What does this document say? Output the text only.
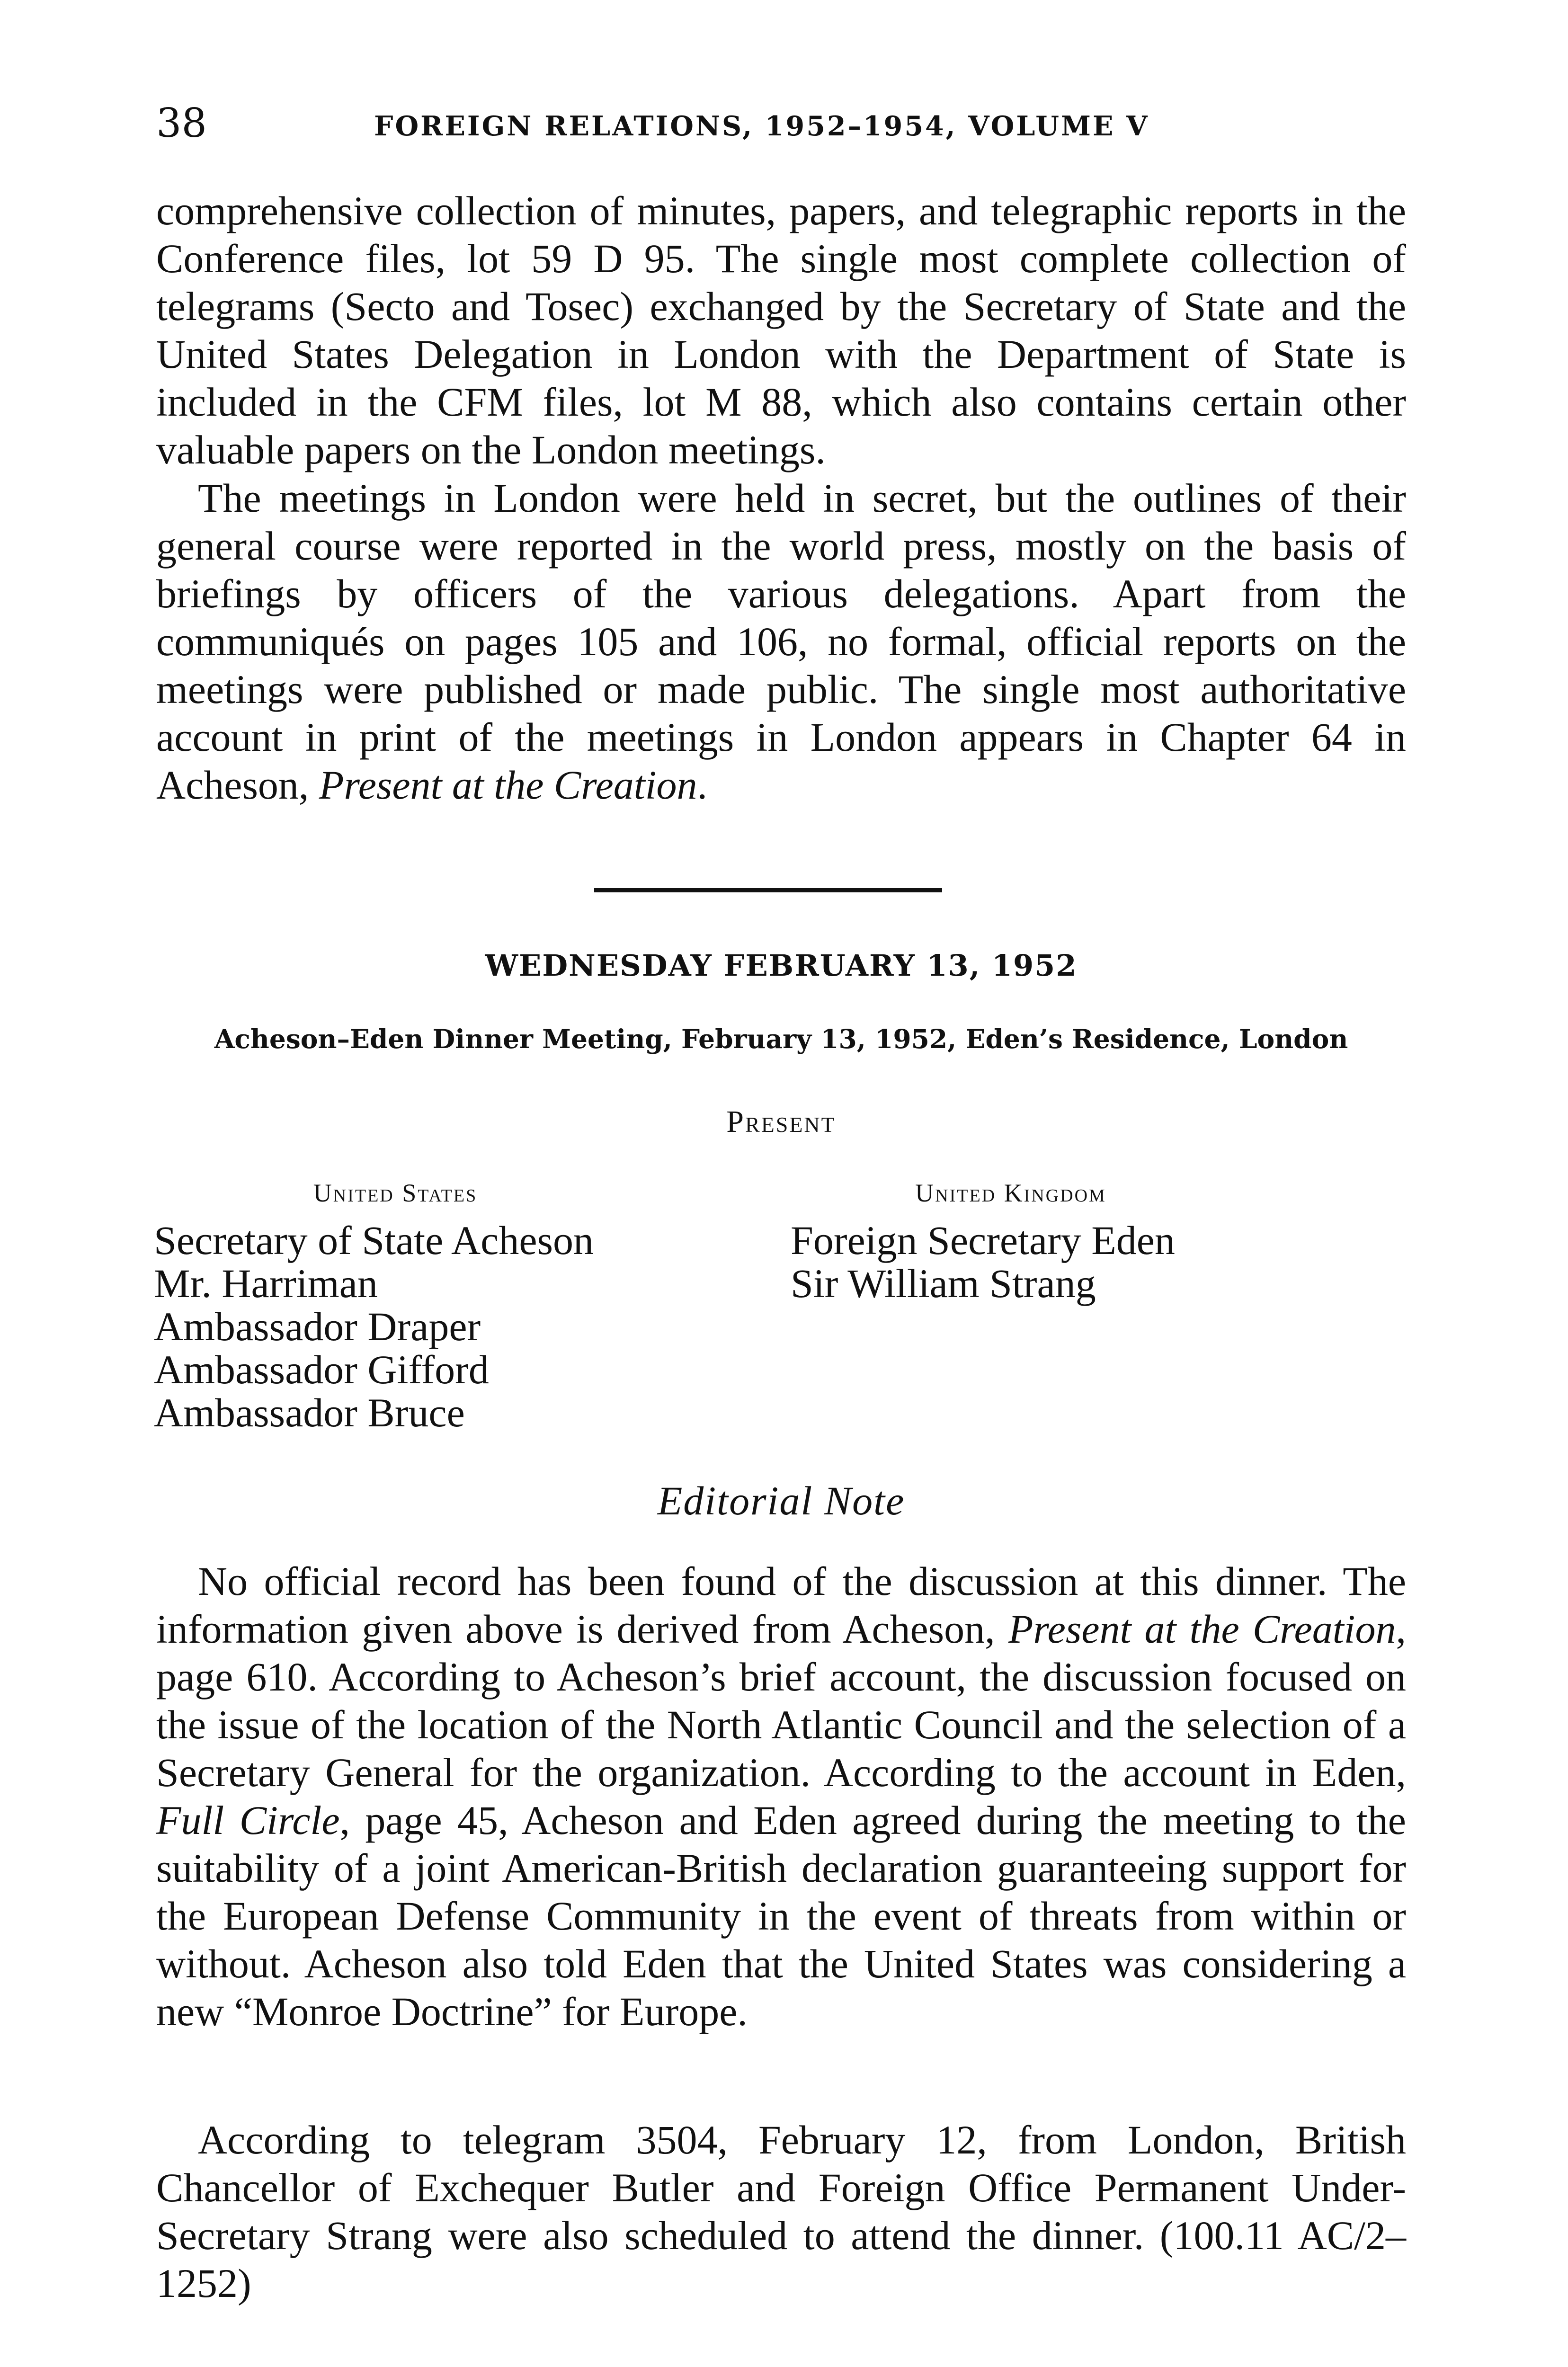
38	FOREIGN RELATIONS, 1952–1954, VOLUME V

comprehensive collection of minutes, papers, and telegraphic reports in the Conference files, lot 59 D 95. The single most complete collection of telegrams (Secto and Tosec) exchanged by the Secretary of State and the United States Delegation in London with the Department of State is included in the CFM files, lot M 88, which also contains certain other valuable papers on the London meetings.

The meetings in London were held in secret, but the outlines of their general course were reported in the world press, mostly on the basis of briefings by officers of the various delegations. Apart from the communiqués on pages 105 and 106, no formal, official reports on the meetings were published or made public. The single most authoritative account in print of the meetings in London appears in Chapter 64 in Acheson, Present at the Creation.

WEDNESDAY FEBRUARY 13, 1952
Acheson–Eden Dinner Meeting, February 13, 1952, Eden’s Residence, London
Present
United States
Secretary of State Acheson
Mr. Harriman
Ambassador Draper
Ambassador Gifford
Ambassador Bruce
United Kingdom
Foreign Secretary Eden
Sir William Strang
Editorial Note

No official record has been found of the discussion at this dinner. The information given above is derived from Acheson, Present at the Creation, page 610. According to Acheson’s brief account, the discussion focused on the issue of the location of the North Atlantic Council and the selection of a Secretary General for the organization. According to the account in Eden, Full Circle, page 45, Acheson and Eden agreed during the meeting to the suitability of a joint American-British declaration guaranteeing support for the European Defense Community in the event of threats from within or without. Acheson also told Eden that the United States was considering a new “Monroe Doctrine” for Europe.

According to telegram 3504, February 12, from London, British Chancellor of Exchequer Butler and Foreign Office Permanent Under-Secretary Strang were also scheduled to attend the dinner. (100.11 AC/2–1252)
